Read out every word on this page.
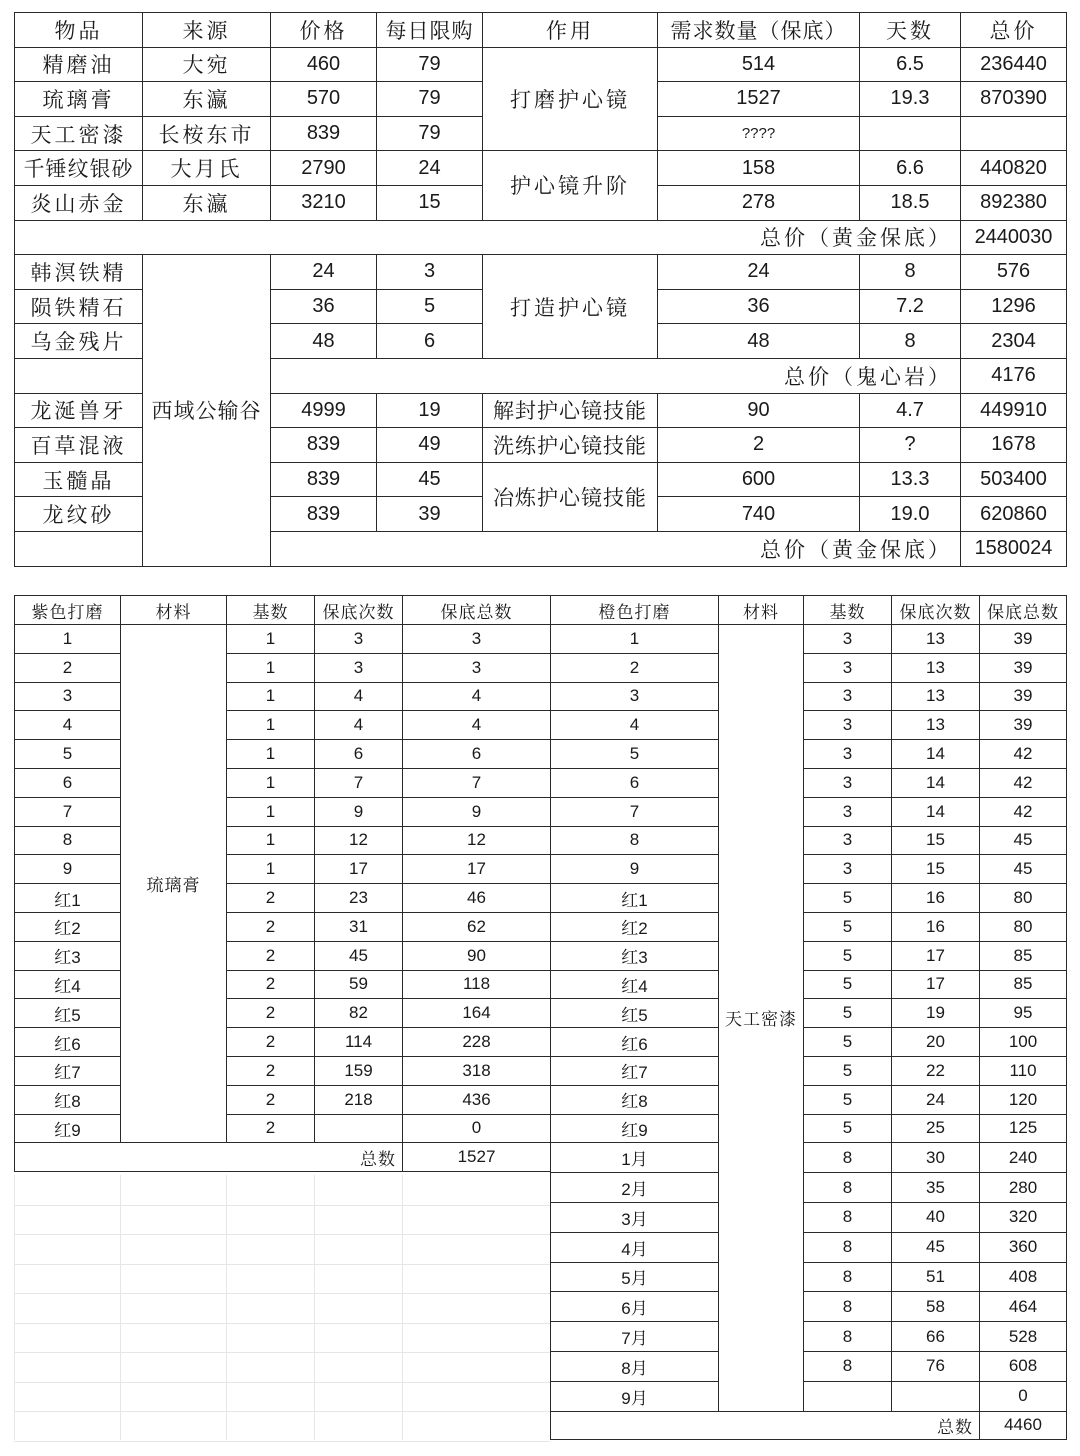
物品	来源	价格	每日限购	作用	需求数量（保底）	天数	总价
精磨油	大宛	460	79	打磨护心镜	514	6.5	236440
琉璃膏	东瀛	570	79		1527	19.3	870390
天工密漆	长桉东市	839	79		????		
千锤纹银砂	大月氏	2790	24	护心镜升阶	158	6.6	440820
炎山赤金	东瀛	3210	15		278	18.5	892380
总价（黄金保底）							2440030
韩溟铁精	西域公输谷	24	3	打造护心镜	24	8	576
陨铁精石		36	5		36	7.2	1296
乌金残片		48	6		48	8	2304
		总价（鬼心岩）					4176
龙涎兽牙		4999	19	解封护心镜技能	90	4.7	449910
百草混液		839	49	洗练护心镜技能	2	?	1678
玉髓晶		839	45	冶炼护心镜技能	600	13.3	503400
龙纹砂		839	39		740	19.0	620860
总价（黄金保底）							1580024
紫色打磨	材料	基数	保底次数	保底总数
1	琉璃膏	1	3	3
2		1	3	3
3		1	4	4
4		1	4	4
5		1	6	6
6		1	7	7
7		1	9	9
8		1	12	12
9		1	17	17
红1		2	23	46
红2		2	31	62
红3		2	45	90
红4		2	59	118
红5		2	82	164
红6		2	114	228
红7		2	159	318
红8		2	218	436
红9		2		0
总数				1527
橙色打磨	材料	基数	保底次数	保底总数
1	天工密漆	3	13	39
2		3	13	39
3		3	13	39
4		3	13	39
5		3	14	42
6		3	14	42
7		3	14	42
8		3	15	45
9		3	15	45
红1		5	16	80
红2		5	16	80
红3		5	17	85
红4		5	17	85
红5		5	19	95
红6		5	20	100
红7		5	22	110
红8		5	24	120
红9		5	25	125
1月		8	30	240
2月		8	35	280
3月		8	40	320
4月		8	45	360
5月		8	51	408
6月		8	58	464
7月		8	66	528
8月		8	76	608
9月				0
总数				4460
